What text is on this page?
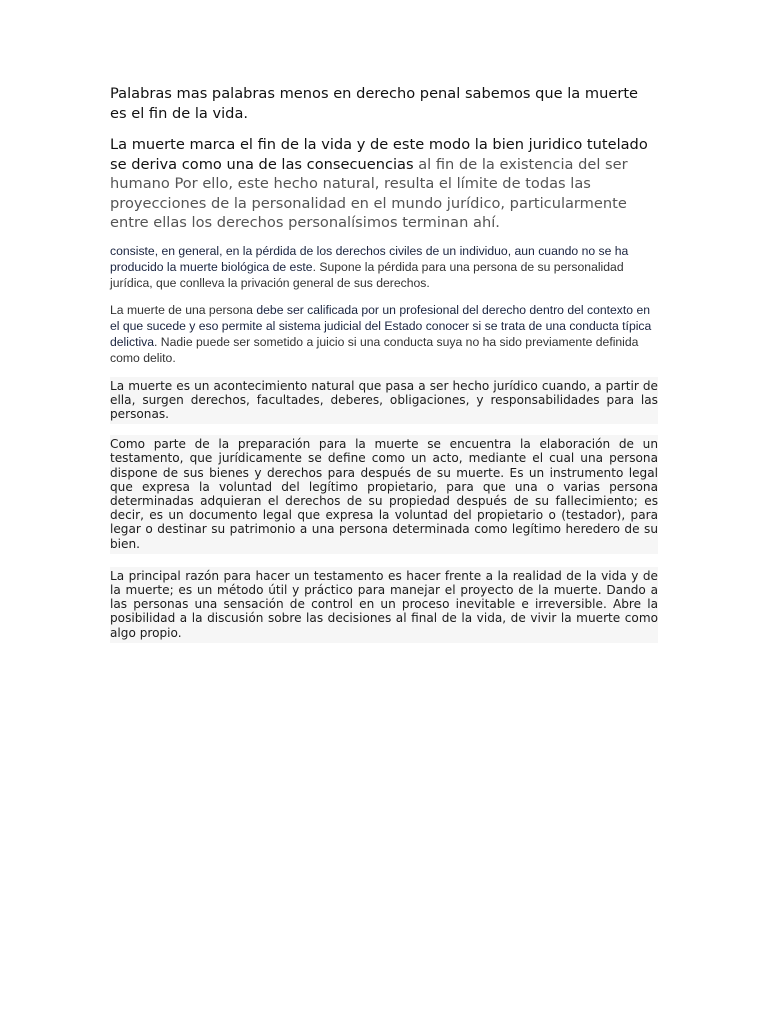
Palabras mas palabras menos en derecho penal sabemos que la muerte es el fin de la vida.

La muerte marca el fin de la vida y de este modo la bien juridico tutelado se deriva como una de las consecuencias al fin de la existencia del ser humano Por ello, este hecho natural, resulta el límite de todas las proyecciones de la personalidad en el mundo jurídico, particularmente entre ellas los derechos personalísimos terminan ahí.

consiste, en general, en la pérdida de los derechos civiles de un individuo, aun cuando no se ha producido la muerte biológica de este. Supone la pérdida para una persona de su personalidad jurídica, que conlleva la privación general de sus derechos.

La muerte de una persona debe ser calificada por un profesional del derecho dentro del contexto en el que sucede y eso permite al sistema judicial del Estado conocer si se trata de una conducta típica delictiva. Nadie puede ser sometido a juicio si una conducta suya no ha sido previamente definida como delito.

La muerte es un acontecimiento natural que pasa a ser hecho jurídico cuando, a partir de ella, surgen derechos, facultades, deberes, obligaciones, y responsabilidades para las personas.

Como parte de la preparación para la muerte se encuentra la elaboración de un testamento, que jurídicamente se define como un acto, mediante el cual una persona dispone de sus bienes y derechos para después de su muerte. Es un instrumento legal que expresa la voluntad del legítimo propietario, para que una o varias persona determinadas adquieran el derechos de su propiedad después de su fallecimiento; es decir, es un documento legal que expresa la voluntad del propietario o (testador), para legar o destinar su patrimonio a una persona determinada como legítimo heredero de su bien.

La principal razón para hacer un testamento es hacer frente a la realidad de la vida y de la muerte; es un método útil y práctico para manejar el proyecto de la muerte. Dando a las personas una sensación de control en un proceso inevitable e irreversible. Abre la posibilidad a la discusión sobre las decisiones al final de la vida, de vivir la muerte como algo propio.
